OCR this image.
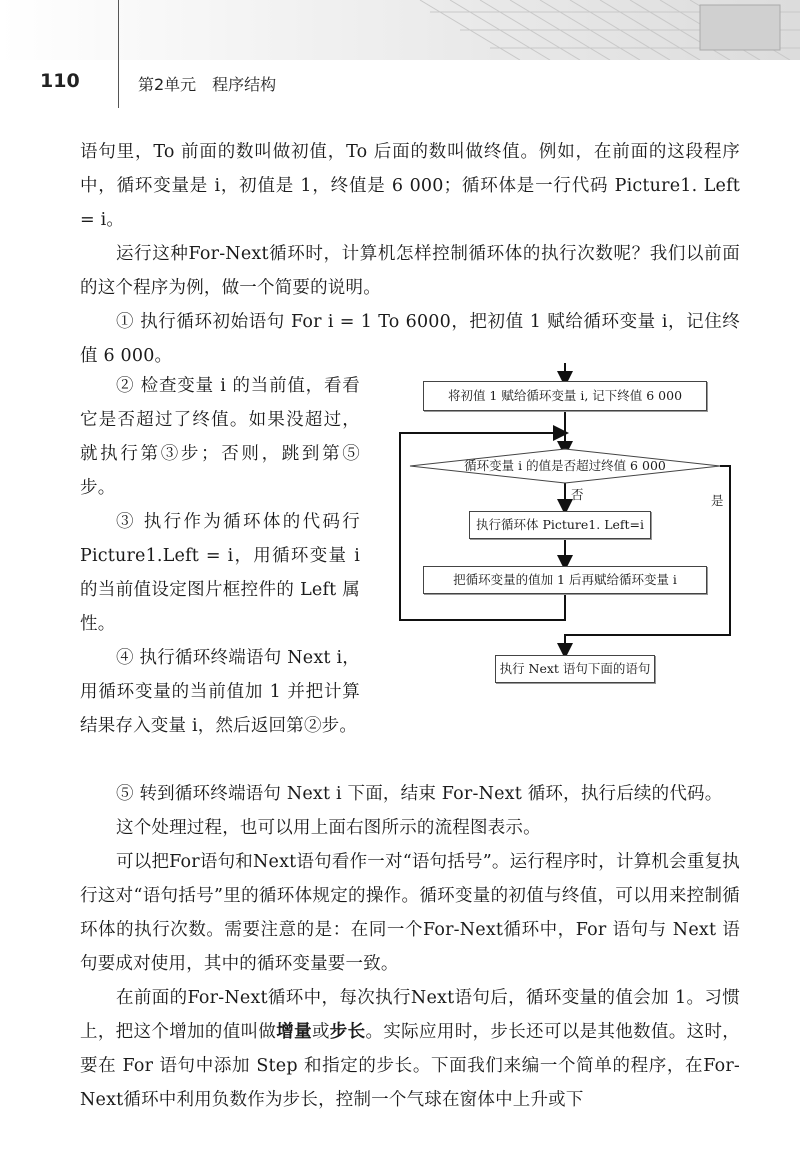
110	第2单元　程序结构

语句里，To 前面的数叫做初值，To 后面的数叫做终值。例如，在前面的这段程序中，循环变量是 i，初值是 1，终值是 6 000；循环体是一行代码 Picture1. Left = i。

运行这种For-Next循环时，计算机怎样控制循环体的执行次数呢？我们以前面的这个程序为例，做一个简要的说明。

① 执行循环初始语句 For i = 1 To 6000，把初值 1 赋给循环变量 i，记住终值 6 000。

② 检查变量 i 的当前值，看看它是否超过了终值。如果没超过，就执行第③步；否则，跳到第⑤步。

③ 执行作为循环体的代码行 Picture1.Left = i，用循环变量 i 的当前值设定图片框控件的 Left 属性。

④ 执行循环终端语句 Next i，用循环变量的当前值加 1 并把计算结果存入变量 i，然后返回第②步。

将初值 1 赋给循环变量 i, 记下终值 6 000
循环变量 i 的值是否超过终值 6 000
否	是
执行循环体 Picture1. Left=i
把循环变量的值加 1 后再赋给循环变量 i
执行 Next 语句下面的语句

⑤ 转到循环终端语句 Next i 下面，结束 For-Next 循环，执行后续的代码。

这个处理过程，也可以用上面右图所示的流程图表示。

可以把For语句和Next语句看作一对“语句括号”。运行程序时，计算机会重复执行这对“语句括号”里的循环体规定的操作。循环变量的初值与终值，可以用来控制循环体的执行次数。需要注意的是：在同一个For-Next循环中，For 语句与 Next 语句要成对使用，其中的循环变量要一致。

在前面的For-Next循环中，每次执行Next语句后，循环变量的值会加 1。习惯上，把这个增加的值叫做增量或步长。实际应用时，步长还可以是其他数值。这时，要在 For 语句中添加 Step 和指定的步长。下面我们来编一个简单的程序，在For-Next循环中利用负数作为步长，控制一个气球在窗体中上升或下
